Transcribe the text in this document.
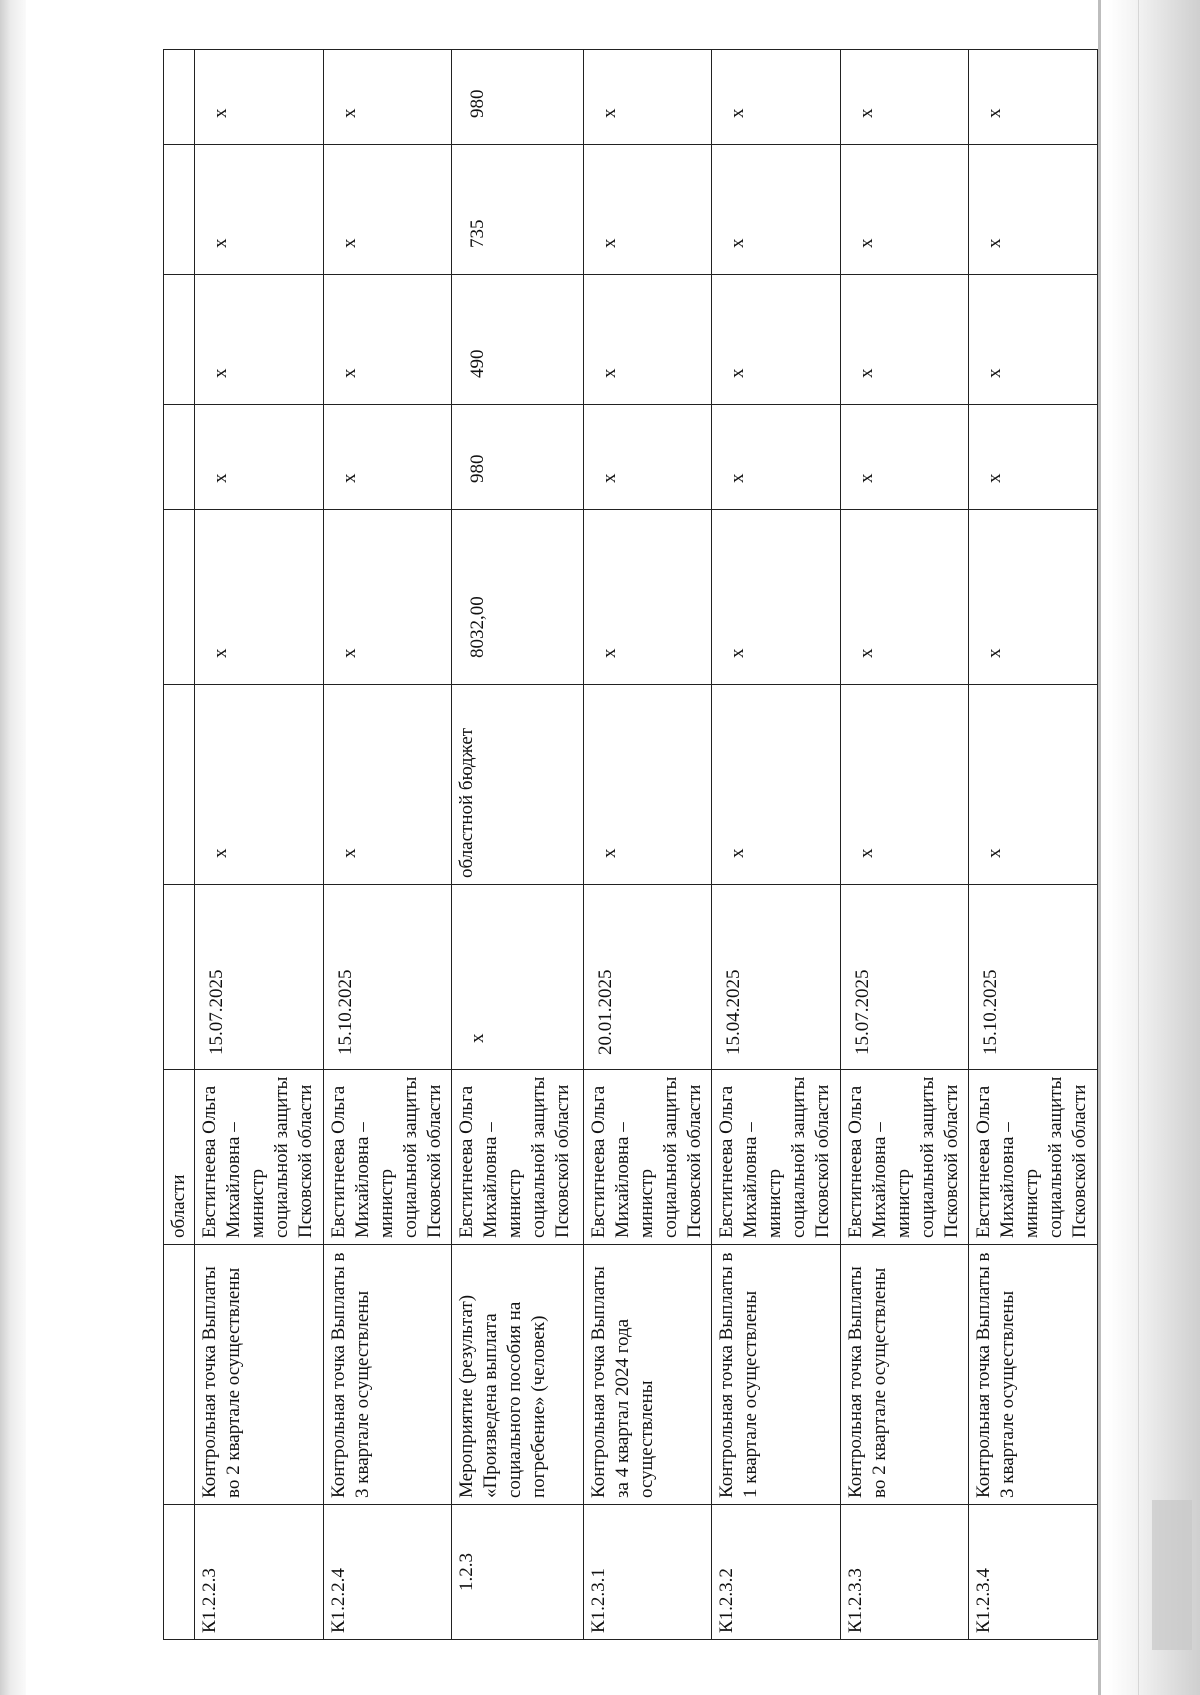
		области							
К1.2.2.3	Контрольная точка Выплаты во 2 квартале осуществлены	Евстигнеева Ольга Михайловна – министр социальной защиты Псковской области	15.07.2025	x	x	x	x	x	x
К1.2.2.4	Контрольная точка Выплаты в 3 квартале осуществлены	Евстигнеева Ольга Михайловна – министр социальной защиты Псковской области	15.10.2025	x	x	x	x	x	x
1.2.3	Мероприятие (результат) «Произведена выплата социального пособия на погребение» (человек)	Евстигнеева Ольга Михайловна – министр социальной защиты Псковской области	x	областной бюджет	8032,00	980	490	735	980
К1.2.3.1	Контрольная точка Выплаты за 4 квартал 2024 года осуществлены	Евстигнеева Ольга Михайловна – министр социальной защиты Псковской области	20.01.2025	x	x	x	x	x	x
К1.2.3.2	Контрольная точка Выплаты в 1 квартале осуществлены	Евстигнеева Ольга Михайловна – министр социальной защиты Псковской области	15.04.2025	x	x	x	x	x	x
К1.2.3.3	Контрольная точка Выплаты во 2 квартале осуществлены	Евстигнеева Ольга Михайловна – министр социальной защиты Псковской области	15.07.2025	x	x	x	x	x	x
К1.2.3.4	Контрольная точка Выплаты в 3 квартале осуществлены	Евстигнеева Ольга Михайловна – министр социальной защиты Псковской области	15.10.2025	x	x	x	x	x	x
